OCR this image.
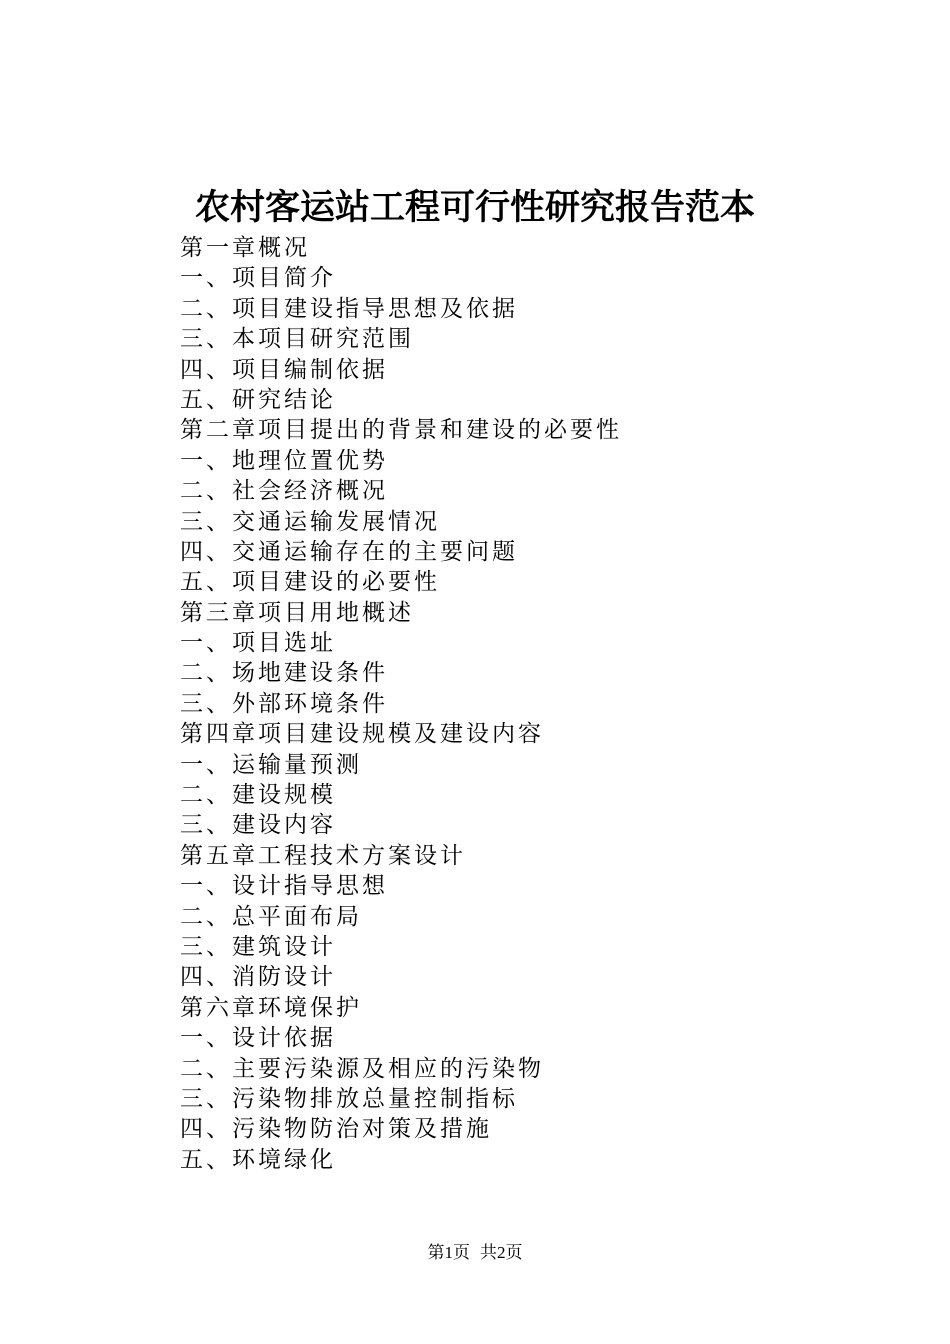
农村客运站工程可行性研究报告范本
第一章概况
一、项目简介
二、项目建设指导思想及依据
三、本项目研究范围
四、项目编制依据
五、研究结论
第二章项目提出的背景和建设的必要性
一、地理位置优势
二、社会经济概况
三、交通运输发展情况
四、交通运输存在的主要问题
五、项目建设的必要性
第三章项目用地概述
一、项目选址
二、场地建设条件
三、外部环境条件
第四章项目建设规模及建设内容
一、运输量预测
二、建设规模
三、建设内容
第五章工程技术方案设计
一、设计指导思想
二、总平面布局
三、建筑设计
四、消防设计
第六章环境保护
一、设计依据
二、主要污染源及相应的污染物
三、污染物排放总量控制指标
四、污染物防治对策及措施
五、环境绿化
第1页 共2页
